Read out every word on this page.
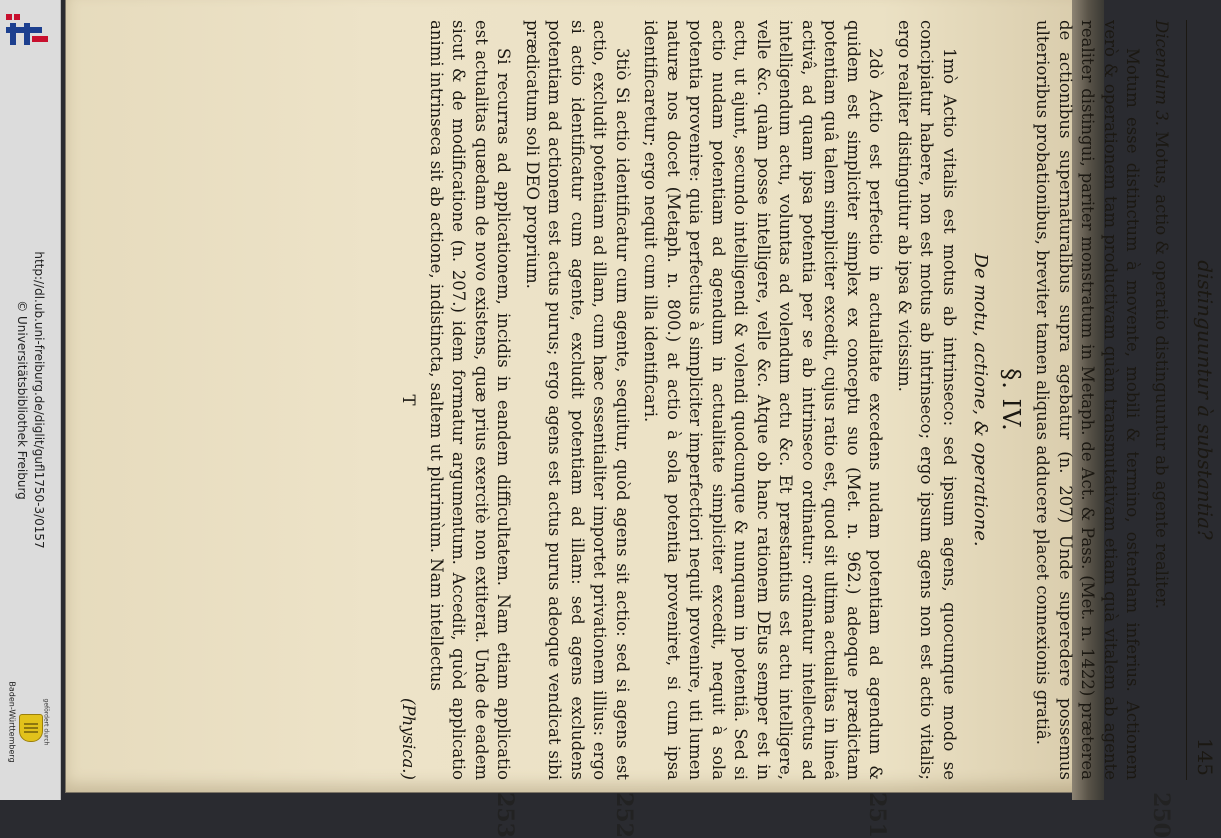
http://dl.ub.uni-freiburg.de/diglit/gufl1750-3/0157
© Universitätsbibliothek Freiburg
gefördert durch
Baden-Württemberg
distinguuntur à substantia?
145

Dicendum 3. Motus, actio & operatio distinguuntur ab agente realiter.

250

Motum esse distinctum à movente, mobili & termino, ostendam inferius. Actionem verò & operationem tam productivam quàm transmutativam etiam quà vitalem ab agente realiter distingui, pariter monstratum in Metaph. de Act. & Pass. (Met. n. 1422) præterea de actionibus supernaturalibus supra agebatur (n. 207) Unde superedere possemus ulterioribus probationibus, breviter tamen aliquas adducere placet connexionis gratiâ.

§. IV.
De motu, actione, & operatione.

1mò Actio vitalis est motus ab intrinseco: sed ipsum agens, quocunque modo se concipiatur habere, non est motus ab intrinseco; ergo ipsum agens non est actio vitalis; ergo realiter distinguitur ab ipsa & vicissim.

2dò Actio est perfectio in actualitate excedens nudam potentiam ad agendum & quidem est simpliciter simplex ex conceptu suo (Met. n. 962.) adeoque prædictam potentiam quâ talem simpliciter excedit, cujus ratio est, quod sit ultima actualitas in lineâ activâ, ad quam ipsa potentia per se ab intrinseco ordinatur: ordinatur intellectus ad intelligendum actu, voluntas ad volendum actu &c. Et præstantius est actu intelligere, velle &c. quàm posse intelligere, velle &c. Atque ob hanc rationem DEus semper est in actu, ut ajunt, secundo intelligendi & volendi quodcunque & nunquam in potentiâ. Sed si actio nudam potentiam ad agendum in actualitate simpliciter excedit, nequit à sola potentia provenire: quia perfectius à simpliciter imperfectiori nequit provenire, uti lumen naturæ nos docet (Metaph. n. 800.) at actio à sola potentia proveniret, si cum ipsa identificaretur; ergo nequit cum illa identificari.

251

3tiò Si actio identificatur cum agente, sequitur, quòd agens sit actio: sed si agens est actio, excludit potentiam ad illam, cum hæc essentialiter importet privationem illius: ergo si actio identificatur cum agente, excludit potentiam ad illam: sed agens excludens potentiam ad actionem est actus purus; ergo agens est actus purus adeoque vendicat sibi prædicatum soli DEO proprium.

252

Si recurras ad applicationem, incidis in eandem difficultatem. Nam etiam applicatio est actualitas quædam de novo existens, quæ prius exercitè non extiterat. Unde de eadem sicut & de modificatione (n. 207.) idem formatur argumentum. Accedit, quòd applicatio animi intrinseca sit ab actione, indistincta, saltem ut plurimùm. Nam intellectus

253
T
(Physica.)
